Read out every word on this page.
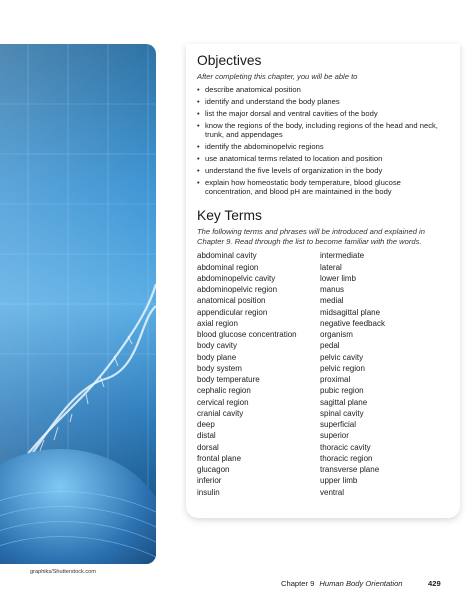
graphiks/Shutterstock.com
Objectives
After completing this chapter, you will be able to
• describe anatomical position
• identify and understand the body planes
• list the major dorsal and ventral cavities of the body
• know the regions of the body, including regions of the head and neck, trunk, and appendages
• identify the abdominopelvic regions
• use anatomical terms related to location and position
• understand the five levels of organization in the body
• explain how homeostatic body temperature, blood glucose concentration, and blood pH are maintained in the body
Key Terms
The following terms and phrases will be introduced and explained in Chapter 9. Read through the list to become familiar with the words.
abdominal cavity
abdominal region
abdominopelvic cavity
abdominopelvic region
anatomical position
appendicular region
axial region
blood glucose concentration
body cavity
body plane
body system
body temperature
cephalic region
cervical region
cranial cavity
deep
distal
dorsal
frontal plane
glucagon
inferior
insulin
intermediate
lateral
lower limb
manus
medial
midsagittal plane
negative feedback
organism
pedal
pelvic cavity
pelvic region
proximal
pubic region
sagittal plane
spinal cavity
superficial
superior
thoracic cavity
thoracic region
transverse plane
upper limb
ventral
Chapter 9 Human Body Orientation	429
